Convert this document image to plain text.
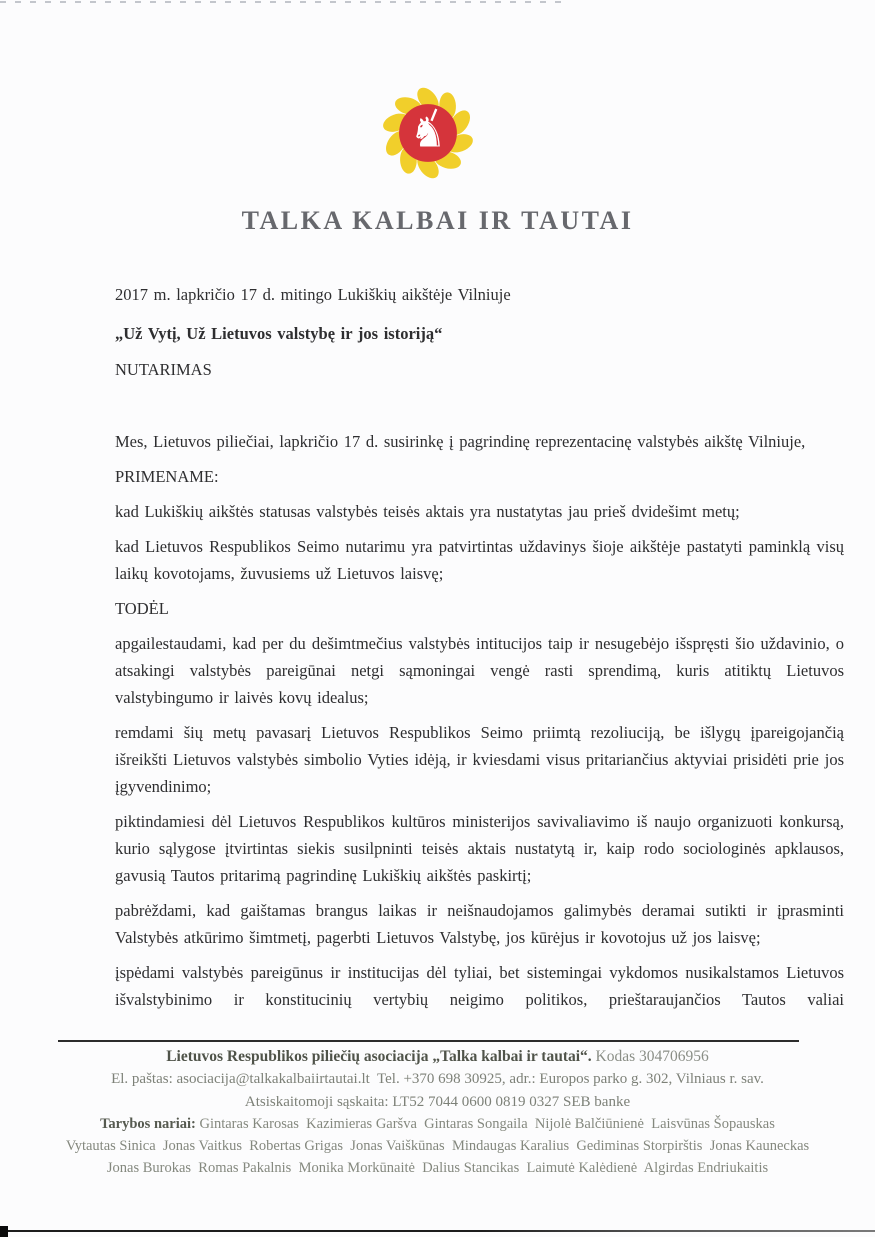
♞
TALKA KALBAI IR TAUTAI

2017 m. lapkričio 17 d. mitingo Lukiškių aikštėje Vilniuje

„Už Vytį, Už Lietuvos valstybę ir jos istoriją“

NUTARIMAS

Mes, Lietuvos piliečiai, lapkričio 17 d. susirinkę į pagrindinę reprezentacinę valstybės aikštę Vilniuje,

PRIMENAME:

kad Lukiškių aikštės statusas valstybės teisės aktais yra nustatytas jau prieš dvidešimt metų;

kad Lietuvos Respublikos Seimo nutarimu yra patvirtintas uždavinys šioje aikštėje pastatyti paminklą visų laikų kovotojams, žuvusiems už Lietuvos laisvę;

TODĖL

apgailestaudami, kad per du dešimtmečius valstybės intitucijos taip ir nesugebėjo išspręsti šio uždavinio, o atsakingi valstybės pareigūnai netgi sąmoningai vengė rasti sprendimą, kuris atitiktų Lietuvos valstybingumo ir laivės kovų idealus;

remdami šių metų pavasarį Lietuvos Respublikos Seimo priimtą rezoliuciją, be išlygų įpareigojančią išreikšti Lietuvos valstybės simbolio Vyties idėją, ir kviesdami visus pritariančius aktyviai prisidėti prie jos įgyvendinimo;

piktindamiesi dėl Lietuvos Respublikos kultūros ministerijos savivaliavimo iš naujo organizuoti konkursą, kurio sąlygose įtvirtintas siekis susilpninti teisės aktais nustatytą ir, kaip rodo sociologinės apklausos, gavusią Tautos pritarimą pagrindinę Lukiškių aikštės paskirtį;

pabrėždami, kad gaištamas brangus laikas ir neišnaudojamos galimybės deramai sutikti ir įprasminti Valstybės atkūrimo šimtmetį, pagerbti Lietuvos Valstybę, jos kūrėjus ir kovotojus už jos laisvę;

įspėdami valstybės pareigūnus ir institucijas dėl tyliai, bet sistemingai vykdomos nusikalstamos Lietuvos išvalstybinimo ir konstitucinių vertybių neigimo politikos, prieštaraujančios Tautos valiai

Lietuvos Respublikos piliečių asociacija „Talka kalbai ir tautai“. Kodas 304706956
El. paštas: asociacija@talkakalbaiirtautai.lt  Tel. +370 698 30925, adr.: Europos parko g. 302, Vilniaus r. sav.
Atsiskaitomoji sąskaita: LT52 7044 0600 0819 0327 SEB banke
Tarybos nariai: Gintaras Karosas  Kazimieras Garšva  Gintaras Songaila  Nijolė Balčiūnienė  Laisvūnas Šopauskas
Vytautas Sinica  Jonas Vaitkus  Robertas Grigas  Jonas Vaiškūnas  Mindaugas Karalius  Gediminas Storpirštis  Jonas Kauneckas
Jonas Burokas  Romas Pakalnis  Monika Morkūnaitė  Dalius Stancikas  Laimutė Kalėdienė  Algirdas Endriukaitis
